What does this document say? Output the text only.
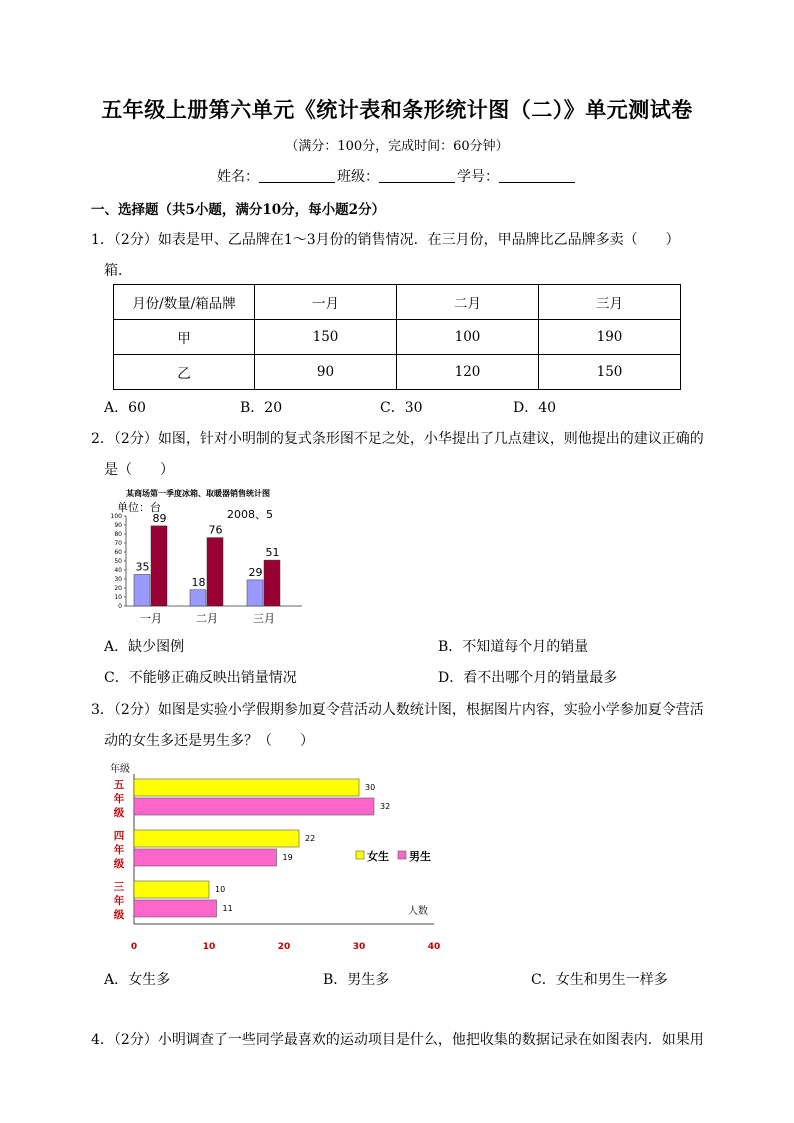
五年级上册第六单元《统计表和条形统计图（二）》单元测试卷
（满分：100分，完成时间：60分钟）
姓名：	班级：	学号：
一、选择题（共5小题，满分10分，每小题2分）
1．（2分）如表是甲、乙品牌在1～3月份的销售情况．在三月份，甲品牌比乙品牌多卖（　　）
箱．
月份/数量/箱品牌	一月	二月	三月
甲	150	100	190
乙	90	120	150
A．60	B．20	C．30	D．40
2．（2分）如图，针对小明制的复式条形图不足之处，小华提出了几点建议，则他提出的建议正确的
是（　　）
某商场第一季度冰箱、取暖器销售统计图
单位：台
2008、5
0
10
20
30
40
50
60
70
80
90
100
35
89
18
76
29
51
一月	二月	三月
A．缺少图例	B．不知道每个月的销量
C．不能够正确反映出销量情况	D．看不出哪个月的销量最多
3．（2分）如图是实验小学假期参加夏令营活动人数统计图，根据图片内容，实验小学参加夏令营活
动的女生多还是男生多？（　　）
年级
人数
30
32
22
19
10
11
五
年
级
四
年
级
三
年
级
0	10	20	30	40
女生 男生
A．女生多	B．男生多	C．女生和男生一样多
4．（2分）小明调查了一些同学最喜欢的运动项目是什么，他把收集的数据记录在如图表内．如果用
